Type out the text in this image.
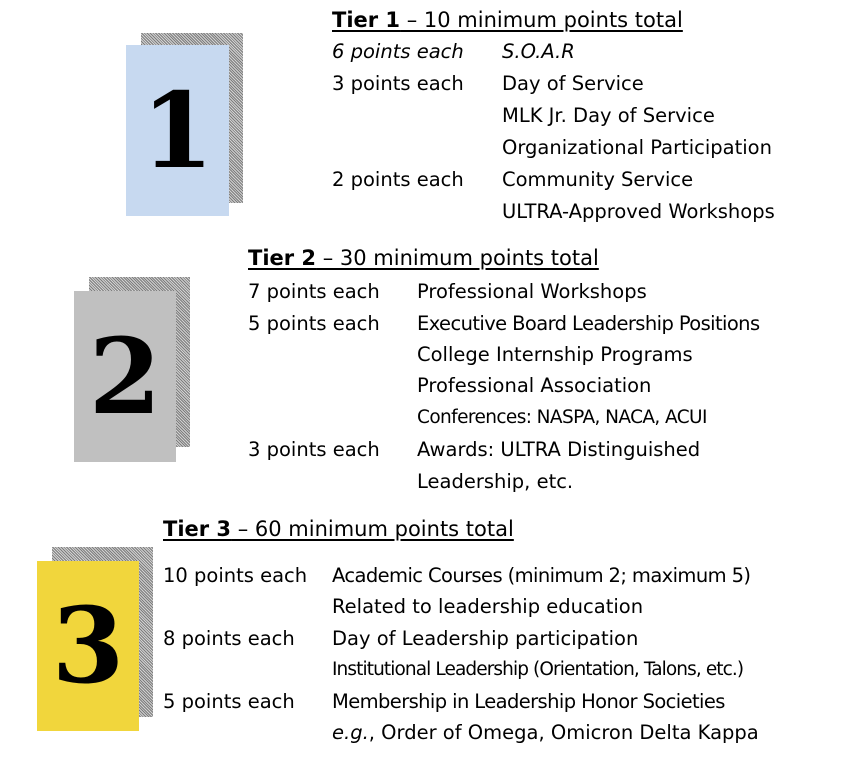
1
Tier 1 – 10 minimum points total
6 points each S.O.A.R
3 points each Day of Service
MLK Jr. Day of Service
Organizational Participation
2 points each Community Service
ULTRA-Approved Workshops
2
Tier 2 – 30 minimum points total
7 points each Professional Workshops
5 points each Executive Board Leadership Positions
College Internship Programs
Professional Association
Conferences: NASPA, NACA, ACUI
3 points each Awards: ULTRA Distinguished
Leadership, etc.
3
Tier 3 – 60 minimum points total
10 points each Academic Courses (minimum 2; maximum 5)
Related to leadership education
8 points each Day of Leadership participation
Institutional Leadership (Orientation, Talons, etc.)
5 points each Membership in Leadership Honor Societies
e.g., Order of Omega, Omicron Delta Kappa
